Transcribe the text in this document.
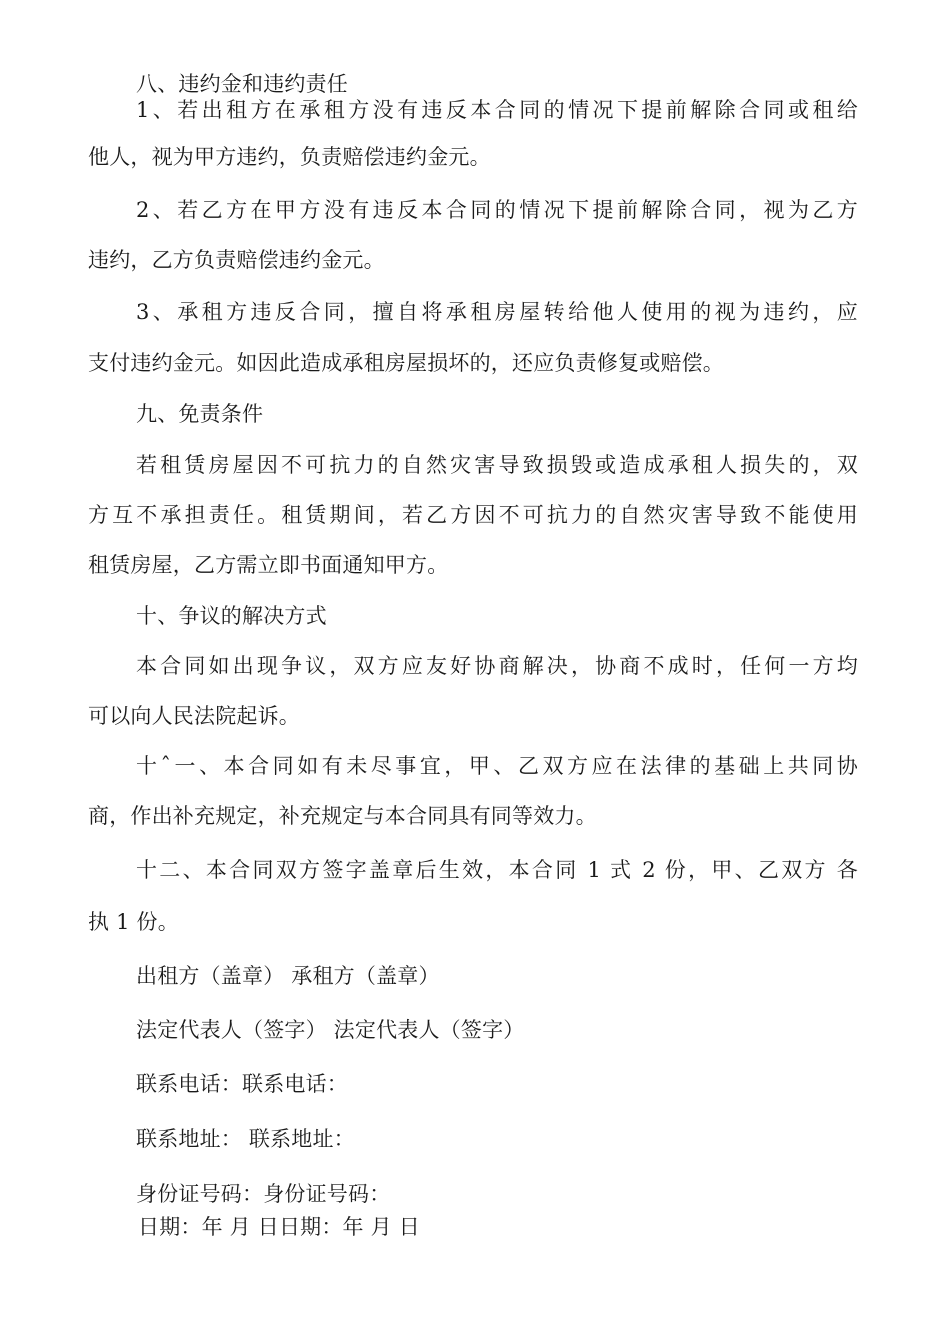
八、违约金和违约责任
1、若出租方在承租方没有违反本合同的情况下提前解除合同或租给
他人，视为甲方违约，负责赔偿违约金元。
2、若乙方在甲方没有违反本合同的情况下提前解除合同，视为乙方
违约，乙方负责赔偿违约金元。
3、承租方违反合同，擅自将承租房屋转给他人使用的视为违约，应
支付违约金元。如因此造成承租房屋损坏的，还应负责修复或赔偿。
九、免责条件
若租赁房屋因不可抗力的自然灾害导致损毁或造成承租人损失的，双
方互不承担责任。租赁期间，若乙方因不可抗力的自然灾害导致不能使用
租赁房屋，乙方需立即书面通知甲方。
十、争议的解决方式
本合同如出现争议，双方应友好协商解决，协商不成时，任何一方均
可以向人民法院起诉。
十ˆ一、本合同如有未尽事宜，甲、乙双方应在法律的基础上共同协
商，作出补充规定，补充规定与本合同具有同等效力。
十二、本合同双方签字盖章后生效，本合同 1 式 2 份，甲、乙双方 各
执 1 份。
出租方（盖章） 承租方（盖章）
法定代表人（签字） 法定代表人（签字）
联系电话：联系电话：
联系地址： 联系地址：
身份证号码：身份证号码：
日期：年 月 日日期：年 月 日
